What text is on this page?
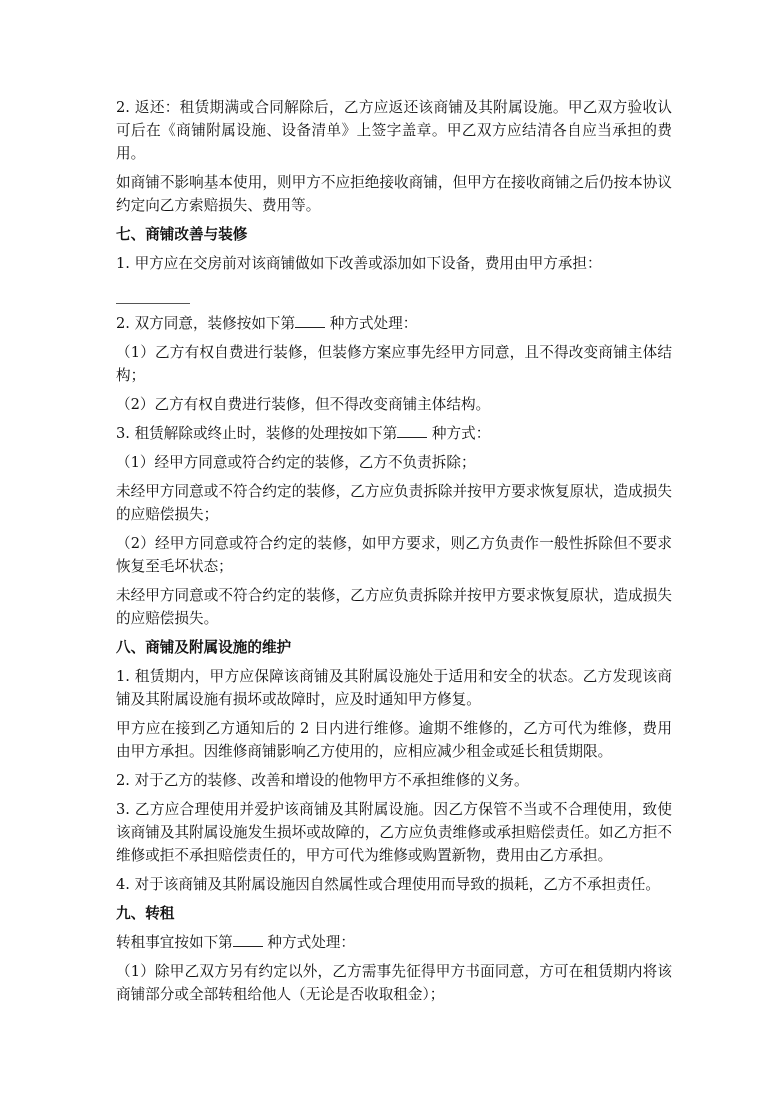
2. 返还：租赁期满或合同解除后，乙方应返还该商铺及其附属设施。甲乙双方验收认可后在《商铺附属设施、设备清单》上签字盖章。甲乙双方应结清各自应当承担的费用。

如商铺不影响基本使用，则甲方不应拒绝接收商铺，但甲方在接收商铺之后仍按本协议约定向乙方索赔损失、费用等。

七、商铺改善与装修

1. 甲方应在交房前对该商铺做如下改善或添加如下设备，费用由甲方承担：

2. 双方同意，装修按如下第 种方式处理：

（1）乙方有权自费进行装修，但装修方案应事先经甲方同意，且不得改变商铺主体结构；

（2）乙方有权自费进行装修，但不得改变商铺主体结构。

3. 租赁解除或终止时，装修的处理按如下第 种方式：

（1）经甲方同意或符合约定的装修，乙方不负责拆除；

未经甲方同意或不符合约定的装修，乙方应负责拆除并按甲方要求恢复原状，造成损失的应赔偿损失；

（2）经甲方同意或符合约定的装修，如甲方要求，则乙方负责作一般性拆除但不要求恢复至毛坏状态；

未经甲方同意或不符合约定的装修，乙方应负责拆除并按甲方要求恢复原状，造成损失的应赔偿损失。

八、商铺及附属设施的维护

1. 租赁期内，甲方应保障该商铺及其附属设施处于适用和安全的状态。乙方发现该商铺及其附属设施有损坏或故障时，应及时通知甲方修复。

甲方应在接到乙方通知后的 2 日内进行维修。逾期不维修的，乙方可代为维修，费用由甲方承担。因维修商铺影响乙方使用的，应相应减少租金或延长租赁期限。

2. 对于乙方的装修、改善和增设的他物甲方不承担维修的义务。

3. 乙方应合理使用并爱护该商铺及其附属设施。因乙方保管不当或不合理使用，致使该商铺及其附属设施发生损坏或故障的，乙方应负责维修或承担赔偿责任。如乙方拒不维修或拒不承担赔偿责任的，甲方可代为维修或购置新物，费用由乙方承担。

4. 对于该商铺及其附属设施因自然属性或合理使用而导致的损耗，乙方不承担责任。

九、转租

转租事宜按如下第 种方式处理：

（1）除甲乙双方另有约定以外，乙方需事先征得甲方书面同意，方可在租赁期内将该商铺部分或全部转租给他人（无论是否收取租金）；
